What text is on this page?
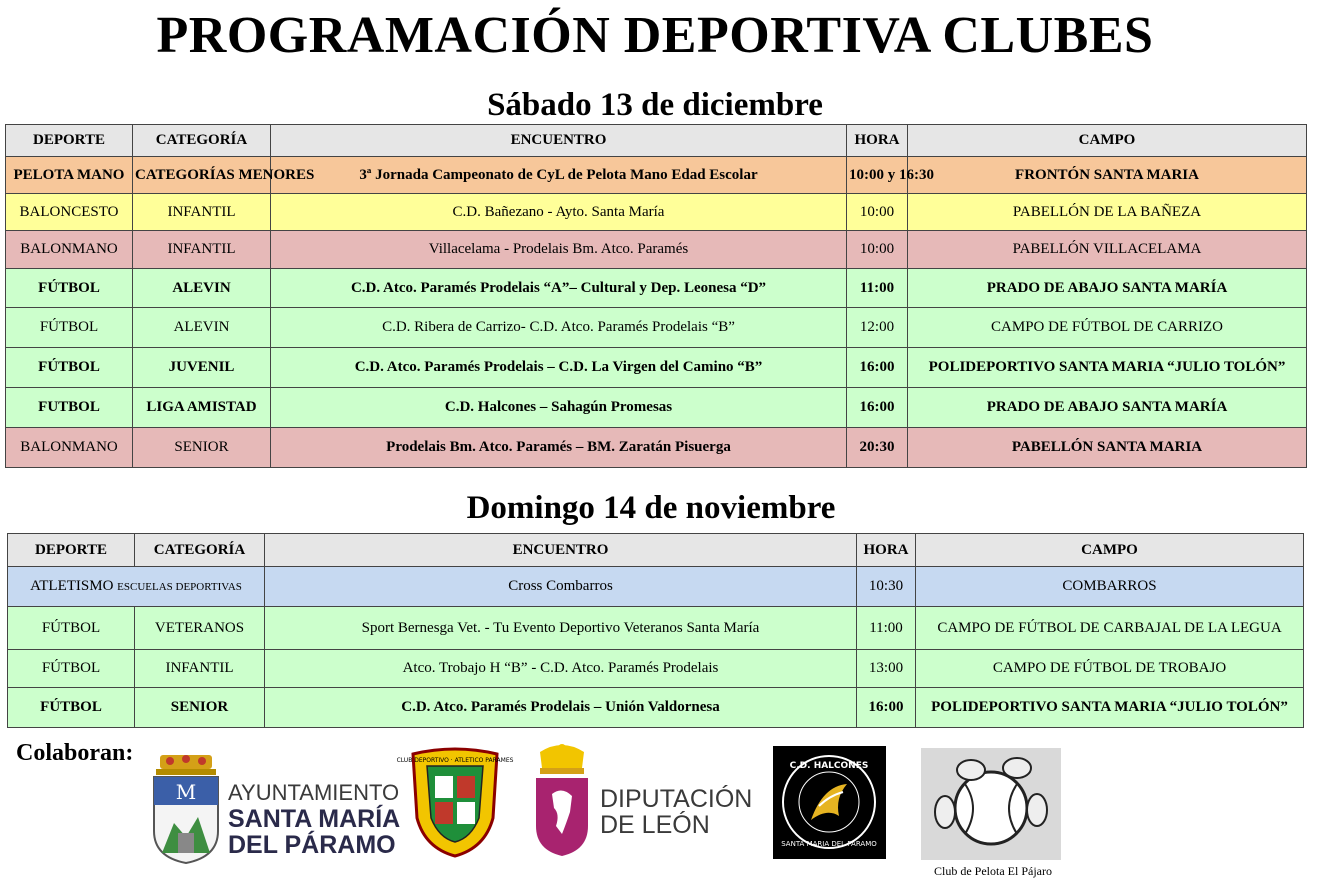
PROGRAMACIÓN DEPORTIVA CLUBES
Sábado 13 de diciembre
DEPORTE	CATEGORÍA	ENCUENTRO	HORA	CAMPO
PELOTA MANO	CATEGORÍAS MENORES	3ª Jornada Campeonato de CyL de Pelota Mano Edad Escolar	10:00 y 16:30	FRONTÓN SANTA MARIA
BALONCESTO	INFANTIL	C.D. Bañezano - Ayto. Santa María	10:00	PABELLÓN DE LA BAÑEZA
BALONMANO	INFANTIL	Villacelama - Prodelais Bm. Atco. Paramés	10:00	PABELLÓN VILLACELAMA
FÚTBOL	ALEVIN	C.D. Atco. Paramés Prodelais “A”– Cultural y Dep. Leonesa “D”	11:00	PRADO DE ABAJO SANTA MARÍA
FÚTBOL	ALEVIN	C.D. Ribera de Carrizo- C.D. Atco. Paramés Prodelais “B”	12:00	CAMPO DE FÚTBOL DE CARRIZO
FÚTBOL	JUVENIL	C.D. Atco. Paramés Prodelais – C.D. La Virgen del Camino “B”	16:00	POLIDEPORTIVO SANTA MARIA “JULIO TOLÓN”
FUTBOL	LIGA AMISTAD	C.D. Halcones – Sahagún Promesas	16:00	PRADO DE ABAJO SANTA MARÍA
BALONMANO	SENIOR	Prodelais Bm. Atco. Paramés – BM. Zaratán Pisuerga	20:30	PABELLÓN SANTA MARIA
Domingo 14 de noviembre
DEPORTE	CATEGORÍA	ENCUENTRO	HORA	CAMPO
ATLETISMO ESCUELAS DEPORTIVAS		Cross Combarros	10:30	COMBARROS
FÚTBOL	VETERANOS	Sport Bernesga Vet. - Tu Evento Deportivo Veteranos Santa María	11:00	CAMPO DE FÚTBOL DE CARBAJAL DE LA LEGUA
FÚTBOL	INFANTIL	Atco. Trobajo H “B” - C.D. Atco. Paramés Prodelais	13:00	CAMPO DE FÚTBOL DE TROBAJO
FÚTBOL	SENIOR	C.D. Atco. Paramés Prodelais – Unión Valdornesa	16:00	POLIDEPORTIVO SANTA MARIA “JULIO TOLÓN”
Colaboran:
M AYUNTAMIENTO
SANTA MARÍA
DEL PÁRAMO
CLUB DEPORTIVO · ATLETICO PARAMES
DIPUTACIÓN
DE LEÓN
C.D. HALCONES
SANTA MARIA DEL PARAMO
Club de Pelota El Pájaro
